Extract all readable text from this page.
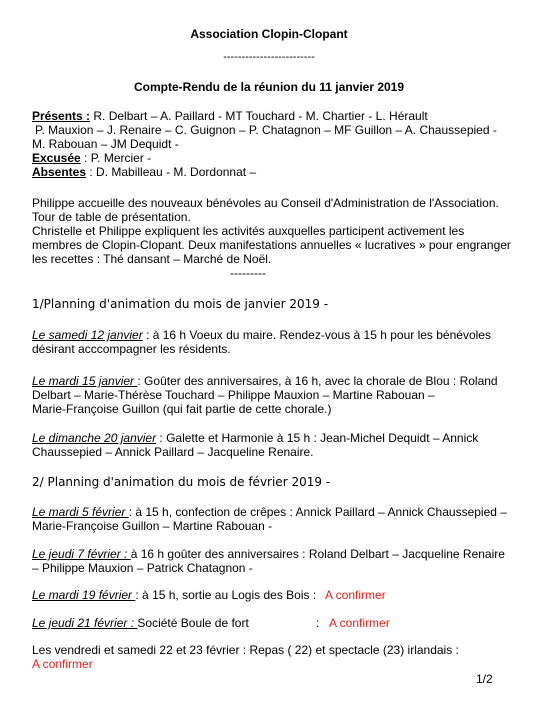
Association Clopin-Clopant
-------------------------
Compte-Rendu de la réunion du 11 janvier 2019
Présents : R. Delbart – A. Paillard - MT Touchard - M. Chartier - L. Hérault
P. Mauxion – J. Renaire – C. Guignon – P. Chatagnon – MF Guillon – A. Chaussepied -
M. Rabouan – JM Dequidt -
Excusée : P. Mercier -
Absentes : D. Mabilleau - M. Dordonnat –
Philippe accueille des nouveaux bénévoles au Conseil d'Administration de l'Association.
Tour de table de présentation.
Christelle et Philippe expliquent les activités auxquelles participent activement les
membres de Clopin-Clopant. Deux manifestations annuelles « lucratives » pour engranger
les recettes : Thé dansant – Marché de Noël.
---------
1/Planning d'animation du mois de janvier 2019 -
Le samedi 12 janvier : à 16 h Voeux du maire. Rendez-vous à 15 h pour les bénévoles
désirant acccompagner les résidents.
Le mardi 15 janvier : Goûter des anniversaires, à 16 h, avec la chorale de Blou : Roland
Delbart – Marie-Thérèse Touchard – Philippe Mauxion – Martine Rabouan –
Marie-Françoise Guillon (qui fait partie de cette chorale.)
Le dimanche 20 janvier : Galette et Harmonie à 15 h : Jean-Michel Dequidt – Annick
Chaussepied – Annick Paillard – Jacqueline Renaire.
2/ Planning d'animation du mois de février 2019 -
Le mardi 5 février : à 15 h, confection de crêpes : Annick Paillard – Annick Chaussepied –
Marie-Françoise Guillon – Martine Rabouan -
Le jeudi 7 février : à 16 h goûter des anniversaires : Roland Delbart – Jacqueline Renaire
– Philippe Mauxion – Patrick Chatagnon -
Le mardi 19 février : à 15 h, sortie au Logis des Bois : A confirmer
Le jeudi 21 février : Société Boule de fort	: A confirmer
Les vendredi et samedi 22 et 23 février : Repas ( 22) et spectacle (23) irlandais :
A confirmer
1/2
